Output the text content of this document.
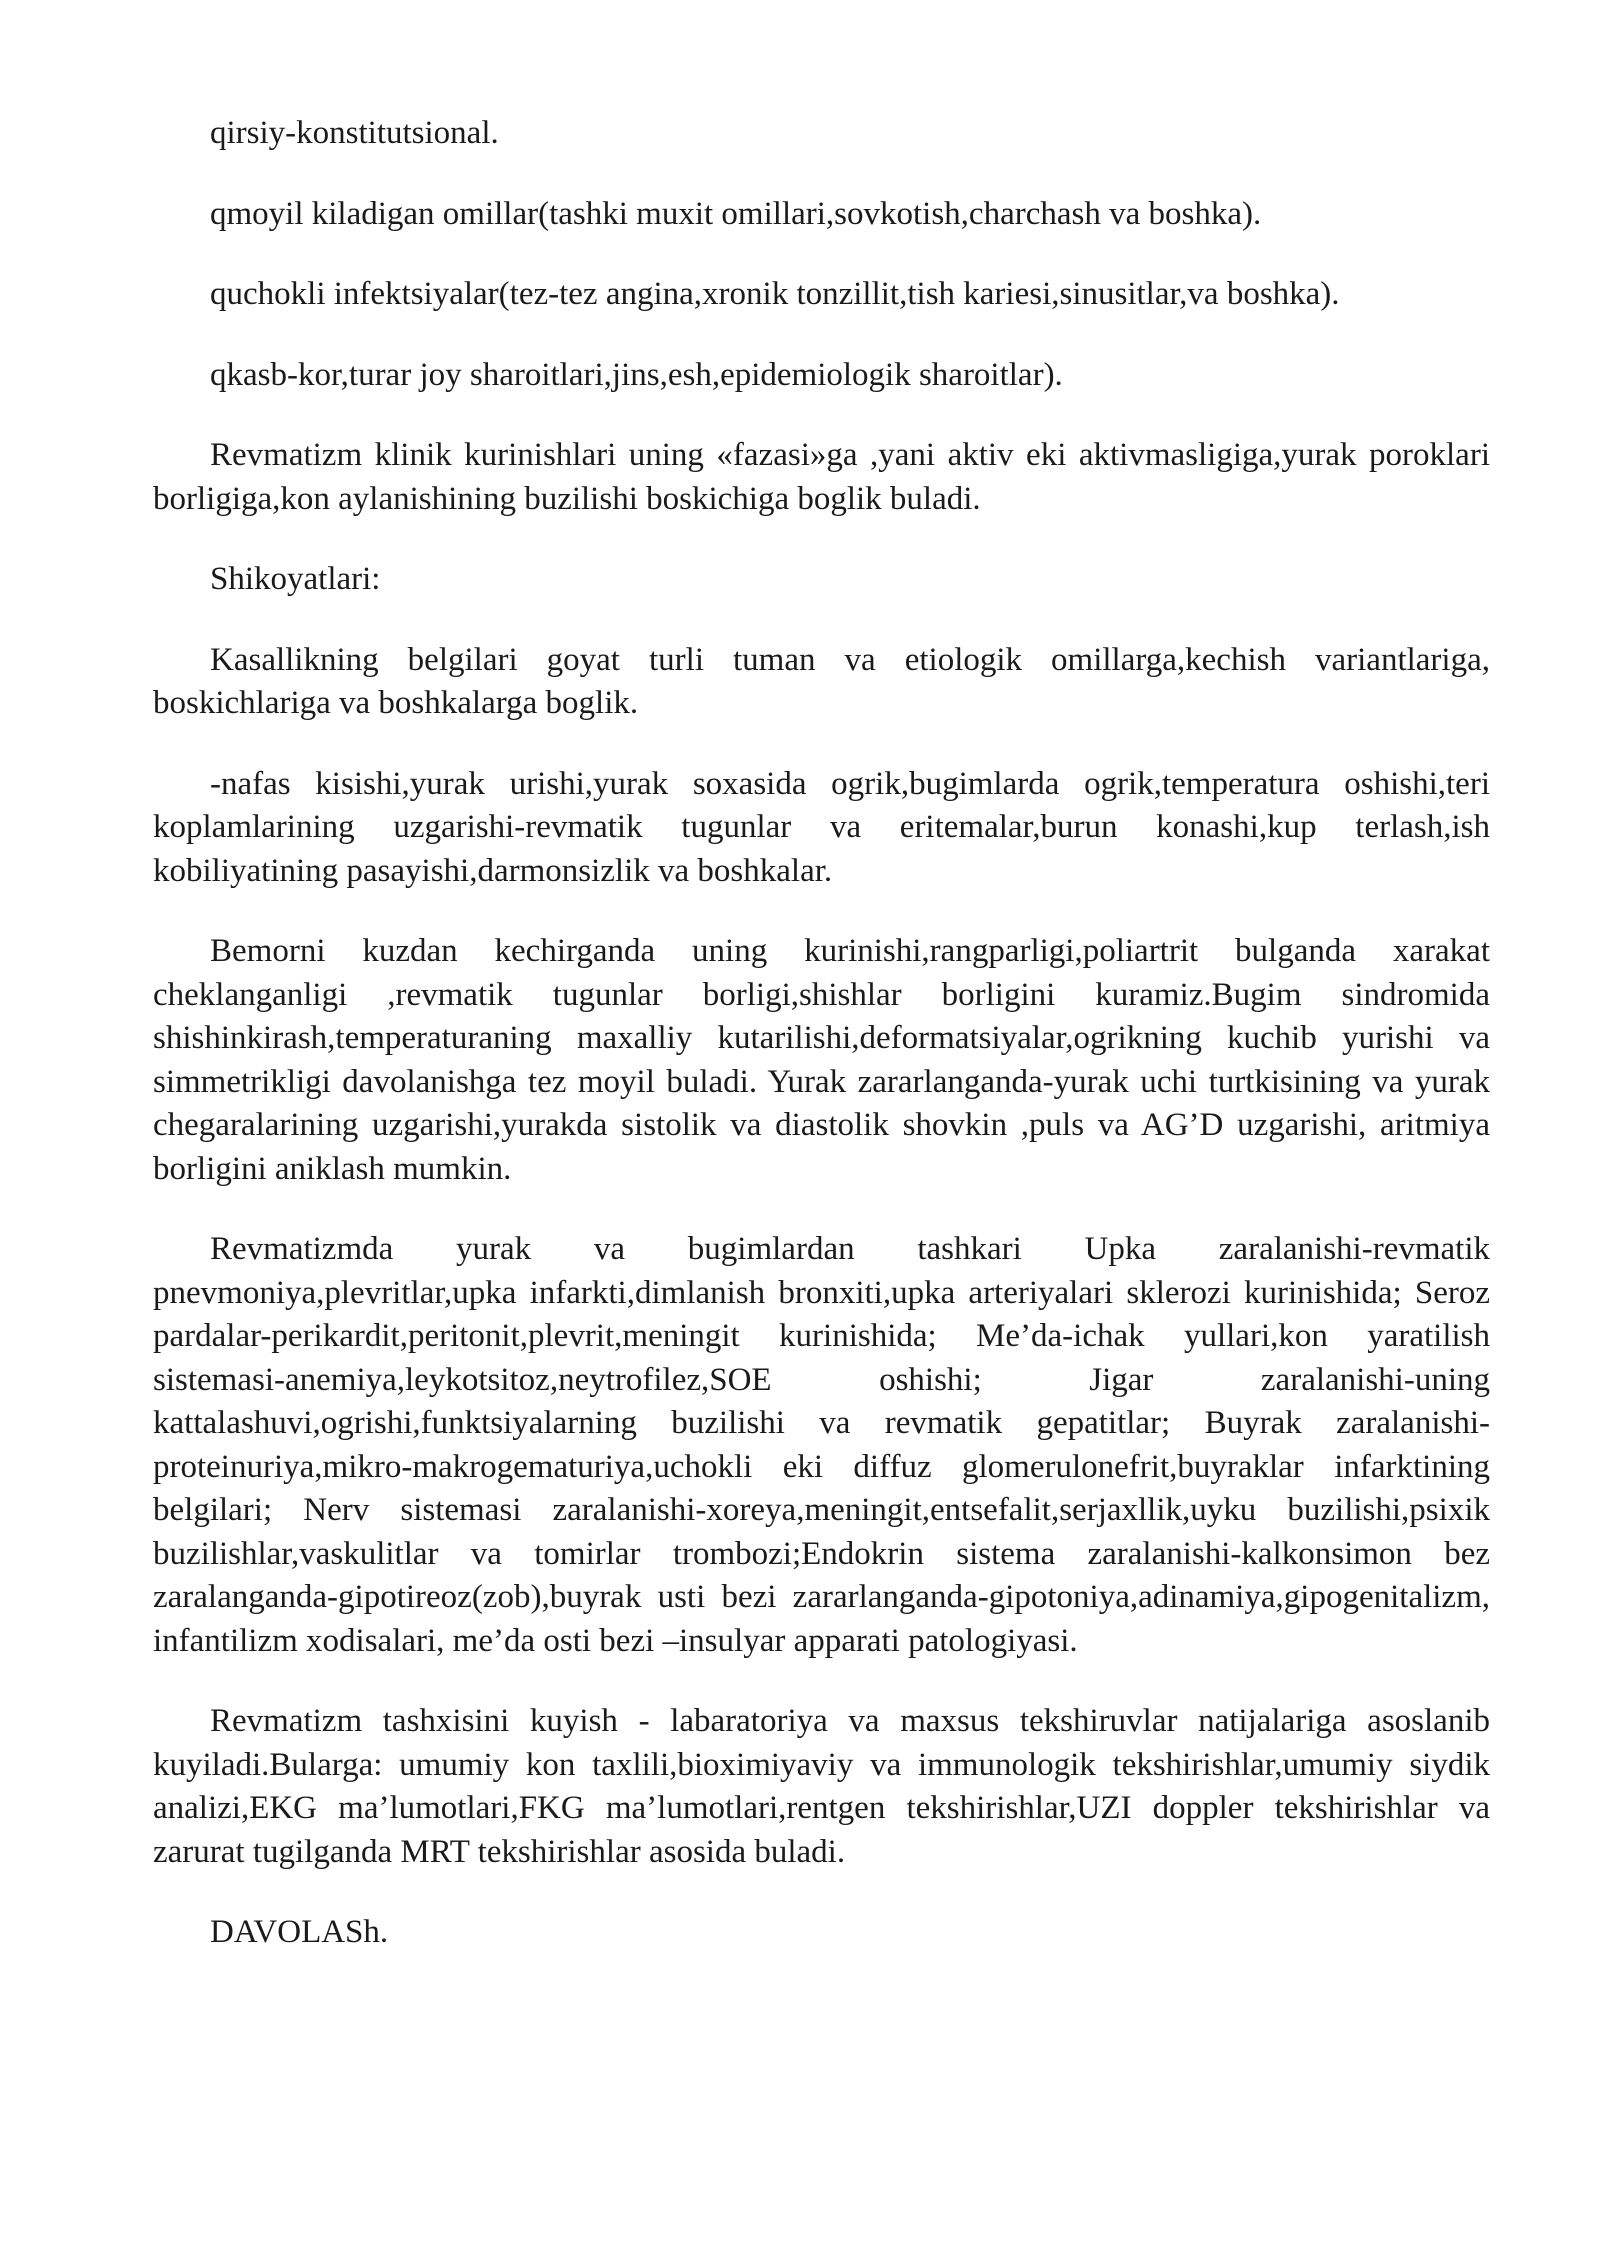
qirsiy-konstitutsional.

qmoyil kiladigan omillar(tashki muxit omillari,sovkotish,charchash va boshka).

quchokli infektsiyalar(tez-tez angina,xronik tonzillit,tish kariesi,sinusitlar,va boshka).

qkasb-kor,turar joy sharoitlari,jins,esh,epidemiologik sharoitlar).

Revmatizm klinik kurinishlari uning «fazasi»ga ,yani aktiv eki aktivmasligiga,yurak poroklari borligiga,kon aylanishining buzilishi boskichiga boglik buladi.

Shikoyatlari:

Kasallikning belgilari goyat turli tuman va etiologik omillarga,kechish variantlariga, boskichlariga va boshkalarga boglik.

-nafas kisishi,yurak urishi,yurak soxasida ogrik,bugimlarda ogrik,temperatura oshishi,teri koplamlarining uzgarishi-revmatik tugunlar va eritemalar,burun konashi,kup terlash,ish kobiliyatining pasayishi,darmonsizlik va boshkalar.

Bemorni kuzdan kechirganda uning kurinishi,rangparligi,poliartrit bulganda xarakat cheklanganligi ,revmatik tugunlar borligi,shishlar borligini kuramiz.Bugim sindromida shishinkirash,temperaturaning maxalliy kutarilishi,deformatsiyalar,ogrikning kuchib yurishi va simmetrikligi davolanishga tez moyil buladi. Yurak zararlanganda-yurak uchi turtkisining va yurak chegaralarining uzgarishi,yurakda sistolik va diastolik shovkin ,puls va AG’D uzgarishi, aritmiya borligini aniklash mumkin.

Revmatizmda yurak va bugimlardan tashkari Upka zaralanishi-revmatik pnevmoniya,plevritlar,upka infarkti,dimlanish bronxiti,upka arteriyalari sklerozi kurinishida; Seroz pardalar-perikardit,peritonit,plevrit,meningit kurinishida; Me’da-ichak yullari,kon yaratilish sistemasi-anemiya,leykotsitoz,neytrofilez,SOE oshishi; Jigar zaralanishi-uning kattalashuvi,ogrishi,funktsiyalarning buzilishi va revmatik gepatitlar; Buyrak zaralanishi-proteinuriya,mikro-makrogematuriya,uchokli eki diffuz glomerulonefrit,buyraklar infarktining belgilari; Nerv sistemasi zaralanishi-xoreya,meningit,entsefalit,serjaxllik,uyku buzilishi,psixik buzilishlar,vaskulitlar va tomirlar trombozi;Endokrin sistema zaralanishi-kalkonsimon bez zaralanganda-gipotireoz(zob),buyrak usti bezi zararlanganda-gipotoniya,adinamiya,gipogenitalizm, infantilizm xodisalari, me’da osti bezi –insulyar apparati patologiyasi.

Revmatizm tashxisini kuyish - labaratoriya va maxsus tekshiruvlar natijalariga asoslanib kuyiladi.Bularga: umumiy kon taxlili,bioximiyaviy va immunologik tekshirishlar,umumiy siydik analizi,EKG ma’lumotlari,FKG ma’lumotlari,rentgen tekshirishlar,UZI doppler tekshirishlar va zarurat tugilganda MRT tekshirishlar asosida buladi.

DAVOLASh.
